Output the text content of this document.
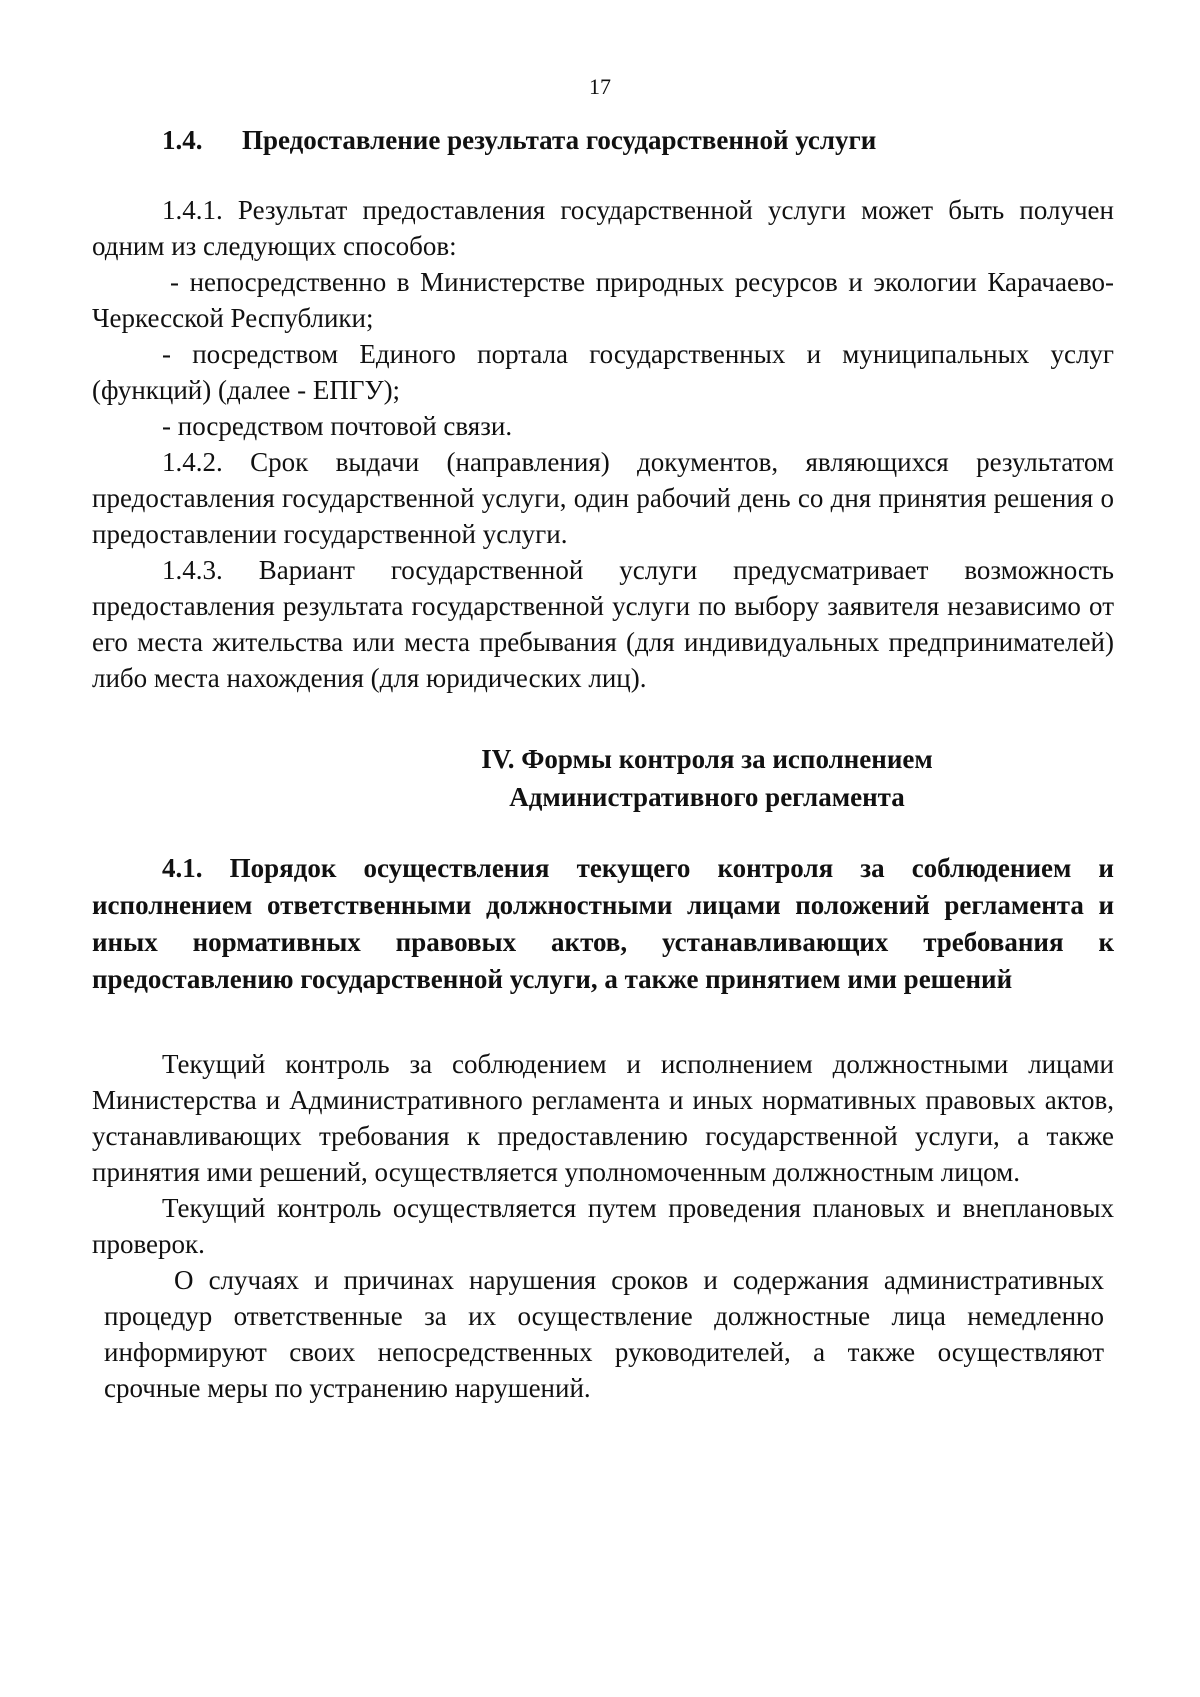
17
1.4. Предоставление результата государственной услуги

1.4.1. Результат предоставления государственной услуги может быть получен одним из следующих способов:

- непосредственно в Министерстве природных ресурсов и экологии Карачаево-Черкесской Республики;

- посредством Единого портала государственных и муниципальных услуг (функций) (далее - ЕПГУ);

- посредством почтовой связи.

1.4.2. Срок выдачи (направления) документов, являющихся результатом предоставления государственной услуги, один рабочий день со дня принятия решения о предоставлении государственной услуги.

1.4.3. Вариант государственной услуги предусматривает возможность предоставления результата государственной услуги по выбору заявителя независимо от его места жительства или места пребывания (для индивидуальных предпринимателей) либо места нахождения (для юридических лиц).

IV. Формы контроля за исполнением
Административного регламента

4.1. Порядок осуществления текущего контроля за соблюдением и исполнением ответственными должностными лицами положений регламента и иных нормативных правовых актов, устанавливающих требования к предоставлению государственной услуги, а также принятием ими решений

Текущий контроль за соблюдением и исполнением должностными лицами Министерства и Административного регламента и иных нормативных правовых актов, устанавливающих требования к предоставлению государственной услуги, а также принятия ими решений, осуществляется уполномоченным должностным лицом.

Текущий контроль осуществляется путем проведения плановых и внеплановых проверок.

О случаях и причинах нарушения сроков и содержания административных процедур ответственные за их осуществление должностные лица немедленно информируют своих непосредственных руководителей, а также осуществляют срочные меры по устранению нарушений.
